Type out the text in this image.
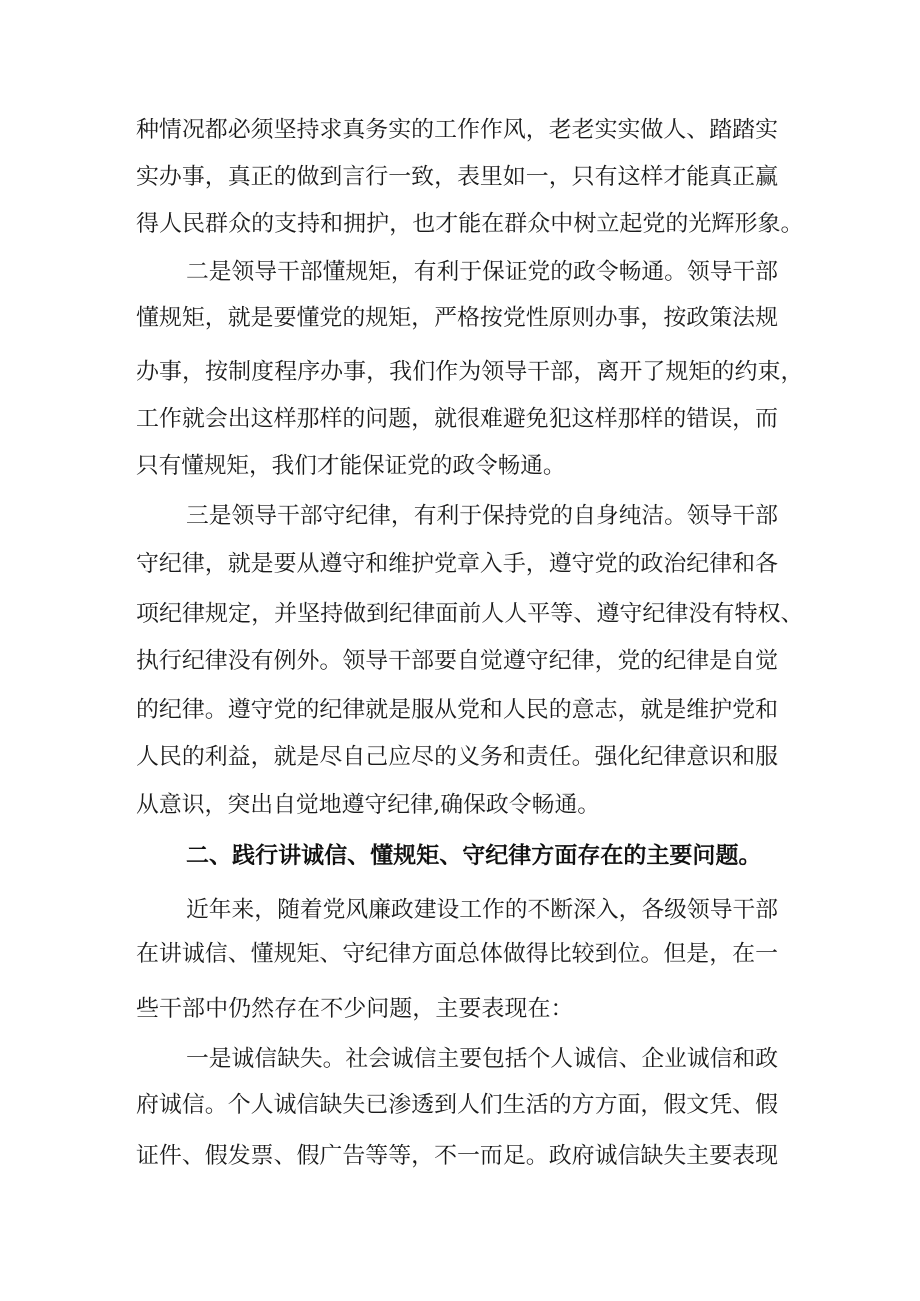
种情况都必须坚持求真务实的工作作风，老老实实做人、踏踏实

实办事，真正的做到言行一致，表里如一，只有这样才能真正赢

得人民群众的支持和拥护，也才能在群众中树立起党的光辉形象。

二是领导干部懂规矩，有利于保证党的政令畅通。领导干部

懂规矩，就是要懂党的规矩，严格按党性原则办事，按政策法规

办事，按制度程序办事，我们作为领导干部，离开了规矩的约束，

工作就会出这样那样的问题，就很难避免犯这样那样的错误，而

只有懂规矩，我们才能保证党的政令畅通。

三是领导干部守纪律，有利于保持党的自身纯洁。领导干部

守纪律，就是要从遵守和维护党章入手，遵守党的政治纪律和各

项纪律规定，并坚持做到纪律面前人人平等、遵守纪律没有特权、

执行纪律没有例外。领导干部要自觉遵守纪律，党的纪律是自觉

的纪律。遵守党的纪律就是服从党和人民的意志，就是维护党和

人民的利益，就是尽自己应尽的义务和责任。强化纪律意识和服

从意识，突出自觉地遵守纪律,确保政令畅通。

二、践行讲诚信、懂规矩、守纪律方面存在的主要问题。

近年来，随着党风廉政建设工作的不断深入，各级领导干部

在讲诚信、懂规矩、守纪律方面总体做得比较到位。但是，在一

些干部中仍然存在不少问题，主要表现在：

一是诚信缺失。社会诚信主要包括个人诚信、企业诚信和政

府诚信。个人诚信缺失已渗透到人们生活的方方面，假文凭、假

证件、假发票、假广告等等，不一而足。政府诚信缺失主要表现
